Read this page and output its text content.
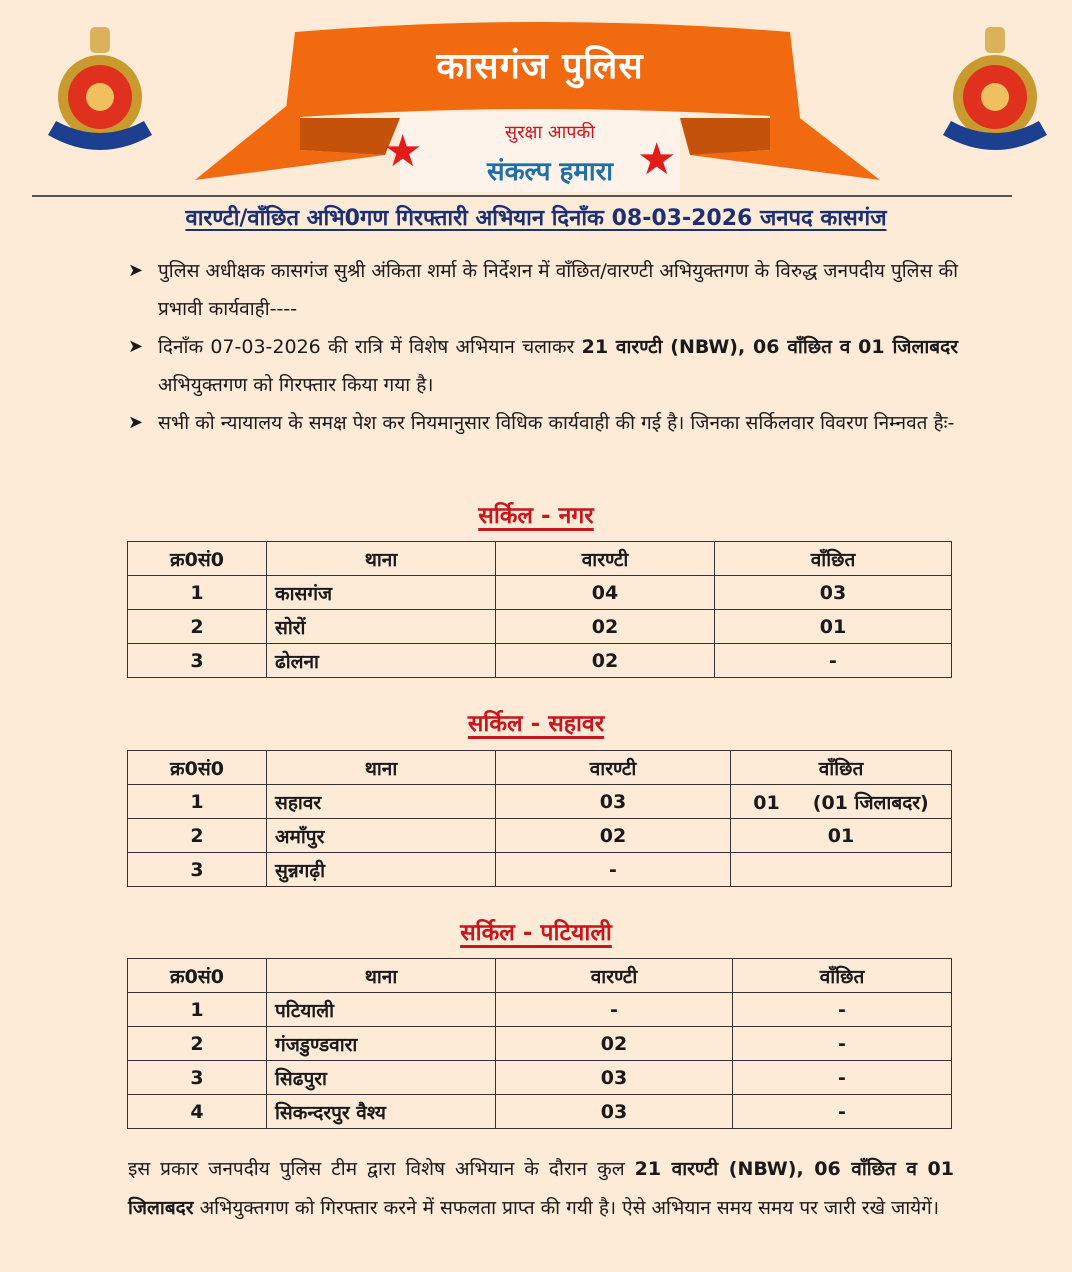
कासगंज पुलिस
सुरक्षा आपकी
संकल्प हमारा
★	★
वारण्टी/वाँछित अभि0गण गिरफ्तारी अभियान दिनाँक 08-03-2026 जनपद कासगंज
➤ पुलिस अधीक्षक कासगंज सुश्री अंकिता शर्मा के निर्देशन में वाँछित/वारण्टी अभियुक्तगण के विरुद्ध जनपदीय पुलिस की प्रभावी कार्यवाही----
➤ दिनाँक 07-03-2026 की रात्रि में विशेष अभियान चलाकर 21 वारण्टी (NBW), 06 वाँछित व 01 जिलाबदर अभियुक्तगण को गिरफ्तार किया गया है।
➤ सभी को न्यायालय के समक्ष पेश कर नियमानुसार विधिक कार्यवाही की गई है। जिनका सर्किलवार विवरण निम्नवत हैः-
सर्किल - नगर
क्र0सं0	थाना	वारण्टी	वाँछित
1	कासगंज	04	03
2	सोरों	02	01
3	ढोलना	02	-
सर्किल - सहावर
क्र0सं0	थाना	वारण्टी	वाँछित
1	सहावर	03	01     (01 जिलाबदर)
2	अमाँपुर	02	01
3	सुन्नगढ़ी	-	
सर्किल - पटियाली
क्र0सं0	थाना	वारण्टी	वाँछित
1	पटियाली	-	-
2	गंजडुण्डवारा	02	-
3	सिढपुरा	03	-
4	सिकन्दरपुर वैश्य	03	-
इस प्रकार जनपदीय पुलिस टीम द्वारा विशेष अभियान के दौरान कुल 21 वारण्टी (NBW), 06 वाँछित व 01 जिलाबदर अभियुक्तगण को गिरफ्तार करने में सफलता प्राप्त की गयी है। ऐसे अभियान समय समय पर जारी रखे जायेगें।
